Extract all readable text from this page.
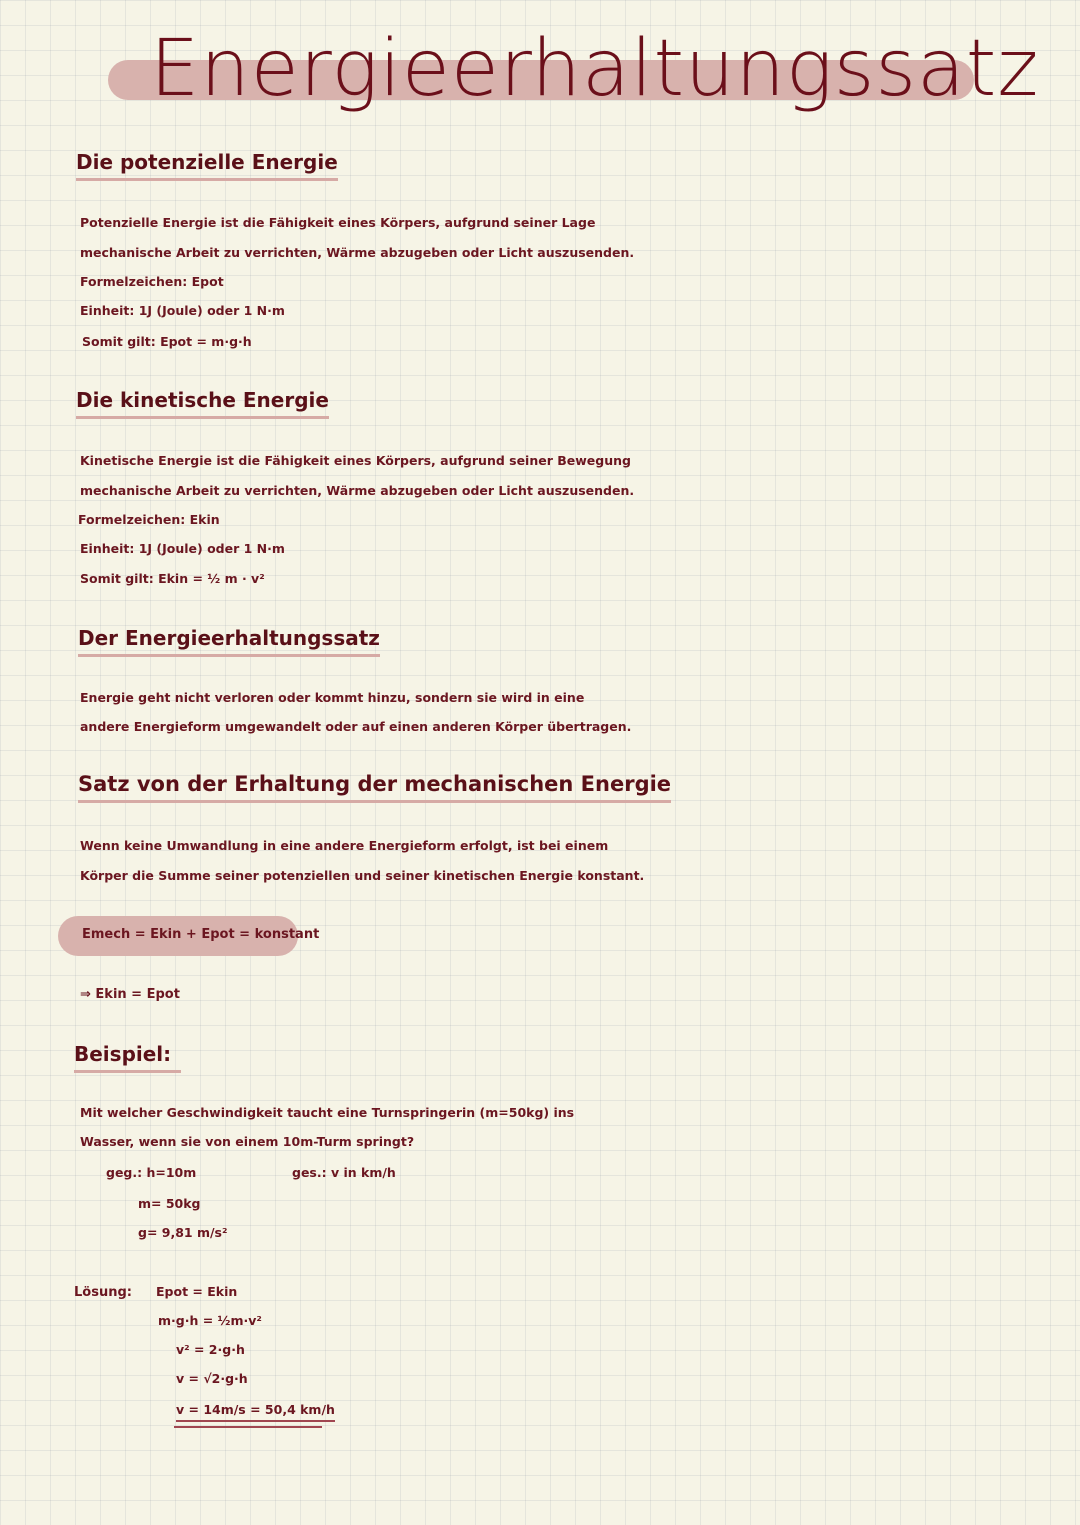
Energieerhaltungssatz
Die potenzielle Energie
Potenzielle Energie ist die Fähigkeit eines Körpers, aufgrund seiner Lage
mechanische Arbeit zu verrichten, Wärme abzugeben oder Licht auszusenden.
Formelzeichen: Epot
Einheit: 1J (Joule) oder 1 N·m
Somit gilt: Epot = m·g·h
Die kinetische Energie
Kinetische Energie ist die Fähigkeit eines Körpers, aufgrund seiner Bewegung
mechanische Arbeit zu verrichten, Wärme abzugeben oder Licht auszusenden.
Formelzeichen: Ekin
Einheit: 1J (Joule) oder 1 N·m
Somit gilt: Ekin = ½ m · v²
Der Energieerhaltungssatz
Energie geht nicht verloren oder kommt hinzu, sondern sie wird in eine
andere Energieform umgewandelt oder auf einen anderen Körper übertragen.
Satz von der Erhaltung der mechanischen Energie
Wenn keine Umwandlung in eine andere Energieform erfolgt, ist bei einem
Körper die Summe seiner potenziellen und seiner kinetischen Energie konstant.
Emech = Ekin + Epot = konstant
⇒ Ekin = Epot
Beispiel:
Mit welcher Geschwindigkeit taucht eine Turnspringerin (m=50kg) ins
Wasser, wenn sie von einem 10m-Turm springt?
geg.: h=10m	ges.: v in km/h
m= 50kg
g= 9,81 m/s²
Lösung: Epot = Ekin
m·g·h = ½m·v²
v² = 2·g·h
v = √2·g·h
v = 14m/s = 50,4 km/h
